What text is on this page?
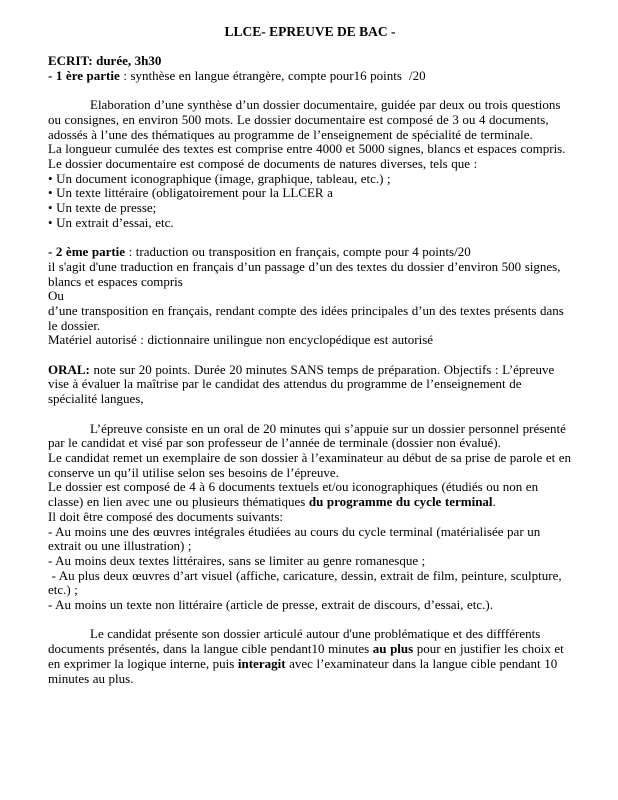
LLCE- EPREUVE DE BAC -

ECRIT: durée, 3h30

- 1 ère partie : synthèse en langue étrangère, compte pour16 points  /20

Elaboration d’une synthèse d’un dossier documentaire, guidée par deux ou trois questions ou consignes, en environ 500 mots. Le dossier documentaire est composé de 3 ou 4 documents, adossés à l’une des thématiques au programme de l’enseignement de spécialité de terminale.

La longueur cumulée des textes est comprise entre 4000 et 5000 signes, blancs et espaces compris.

Le dossier documentaire est composé de documents de natures diverses, tels que :

• Un document iconographique (image, graphique, tableau, etc.) ;

• Un texte littéraire (obligatoirement pour la LLCER a

• Un texte de presse;

• Un extrait d’essai, etc.

- 2 ème partie : traduction ou transposition en français, compte pour 4 points/20

il s'agit d'une traduction en français d’un passage d’un des textes du dossier d’environ 500 signes, blancs et espaces compris

Ou

d’une transposition en français, rendant compte des idées principales d’un des textes présents dans le dossier.

Matériel autorisé : dictionnaire unilingue non encyclopédique est autorisé

ORAL: note sur 20 points. Durée 20 minutes SANS temps de préparation. Objectifs : L’épreuve vise à évaluer la maîtrise par le candidat des attendus du programme de l’enseignement de spécialité langues,

L’épreuve consiste en un oral de 20 minutes qui s’appuie sur un dossier personnel présenté par le candidat et visé par son professeur de l’année de terminale (dossier non évalué).

Le candidat remet un exemplaire de son dossier à l’examinateur au début de sa prise de parole et en conserve un qu’il utilise selon ses besoins de l’épreuve.

Le dossier est composé de 4 à 6 documents textuels et/ou iconographiques (étudiés ou non en classe) en lien avec une ou plusieurs thématiques du programme du cycle terminal.

Il doit être composé des documents suivants:

- Au moins une des œuvres intégrales étudiées au cours du cycle terminal (matérialisée par un extrait ou une illustration) ;

- Au moins deux textes littéraires, sans se limiter au genre romanesque ;

- Au plus deux œuvres d’art visuel (affiche, caricature, dessin, extrait de film, peinture, sculpture, etc.) ;

- Au moins un texte non littéraire (article de presse, extrait de discours, d’essai, etc.).

Le candidat présente son dossier articulé autour d'une problématique et des diffférents documents présentés, dans la langue cible pendant10 minutes au plus pour en justifier les choix et en exprimer la logique interne, puis interagit avec l’examinateur dans la langue cible pendant 10 minutes au plus.
